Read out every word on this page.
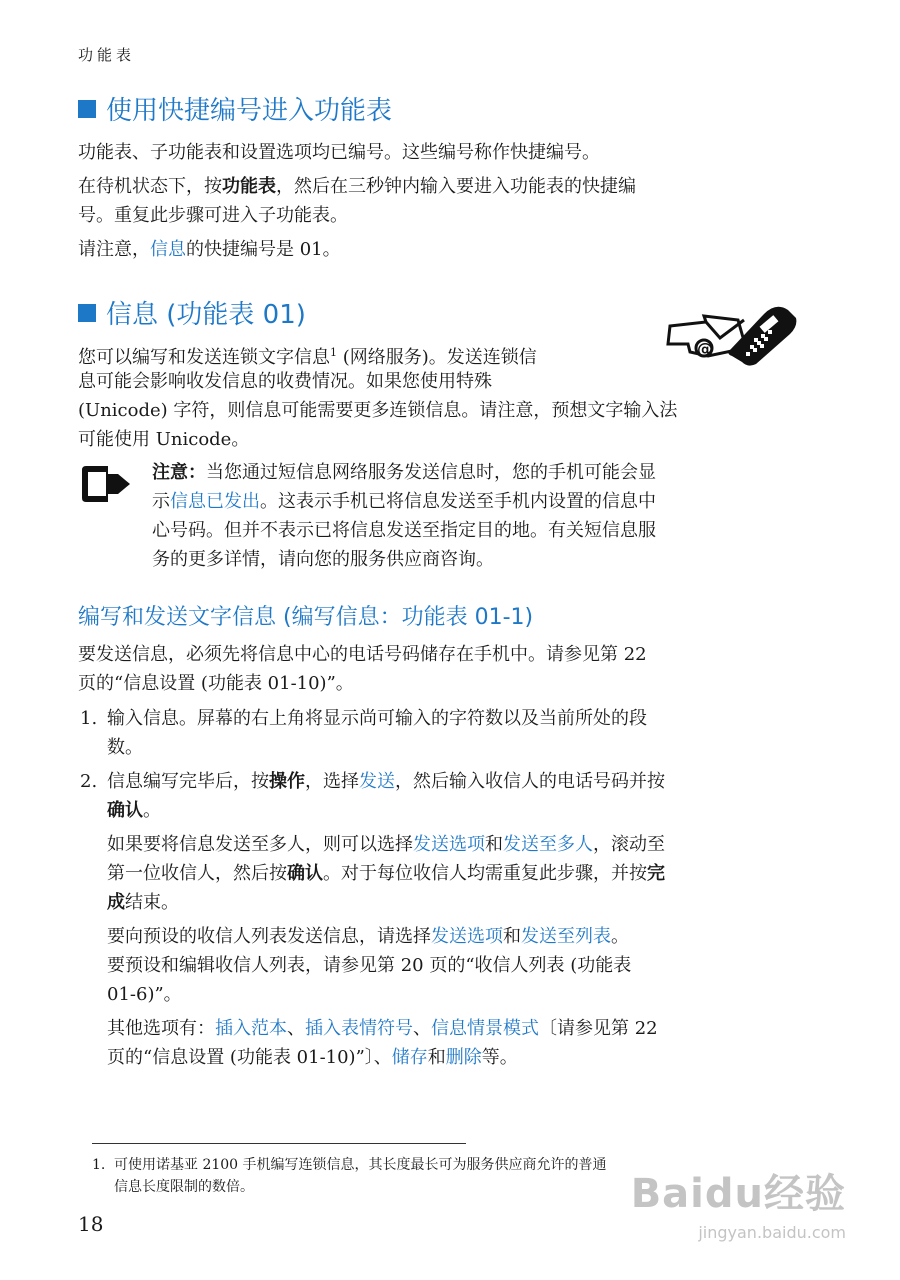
功能表
使用快捷编号进入功能表
功能表、子功能表和设置选项均已编号。这些编号称作快捷编号。
在待机状态下，按功能表，然后在三秒钟内输入要进入功能表的快捷编
号。重复此步骤可进入子功能表。
请注意，信息的快捷编号是 01。
信息 (功能表 01)
@
您可以编写和发送连锁文字信息$^1$ (网络服务)。发送连锁信
息可能会影响收发信息的收费情况。如果您使用特殊
(Unicode) 字符，则信息可能需要更多连锁信息。请注意，预想文字输入法
可能使用 Unicode。
注意：当您通过短信息网络服务发送信息时，您的手机可能会显
示信息已发出。这表示手机已将信息发送至手机内设置的信息中
心号码。但并不表示已将信息发送至指定目的地。有关短信息服
务的更多详情，请向您的服务供应商咨询。
编写和发送文字信息 (编写信息：功能表 01-1)
要发送信息，必须先将信息中心的电话号码储存在手机中。请参见第 22
页的“信息设置 (功能表 01-10)”。
1. 输入信息。屏幕的右上角将显示尚可输入的字符数以及当前所处的段
数。
2. 信息编写完毕后，按操作，选择发送，然后输入收信人的电话号码并按
确认。
如果要将信息发送至多人，则可以选择发送选项和发送至多人，滚动至
第一位收信人，然后按确认。对于每位收信人均需重复此步骤，并按完
成结束。
要向预设的收信人列表发送信息，请选择发送选项和发送至列表。
要预设和编辑收信人列表，请参见第 20 页的“收信人列表 (功能表
01-6)”。
其他选项有：插入范本、插入表情符号、信息情景模式〔请参见第 22
页的“信息设置 (功能表 01-10)”〕、储存和删除等。
1. 可使用诺基亚 2100 手机编写连锁信息，其长度最长可为服务供应商允许的普通
信息长度限制的数倍。
18
Baidu经验
jingyan.baidu.com
